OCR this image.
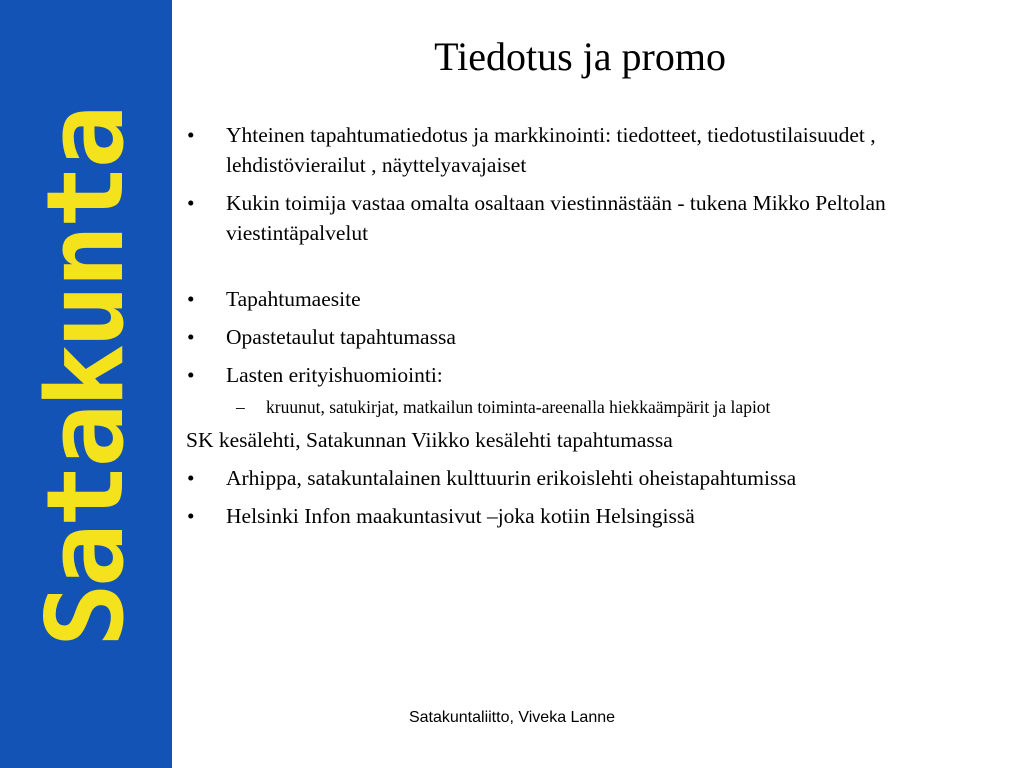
Satakunta
Tiedotus ja promo
• Yhteinen tapahtumatiedotus ja markkinointi: tiedotteet, tiedotustilaisuudet , lehdistövierailut , näyttelyavajaiset
• Kukin toimija vastaa omalta osaltaan viestinnästään - tukena Mikko Peltolan viestintäpalvelut
• Tapahtumaesite
• Opastetaulut tapahtumassa
• Lasten erityishuomiointi:
– kruunut, satukirjat, matkailun toiminta-areenalla hiekkaämpärit ja lapiot
SK kesälehti, Satakunnan Viikko kesälehti tapahtumassa
• Arhippa, satakuntalainen kulttuurin erikoislehti oheistapahtumissa
• Helsinki Infon maakuntasivut –joka kotiin Helsingissä
Satakuntaliitto, Viveka Lanne
